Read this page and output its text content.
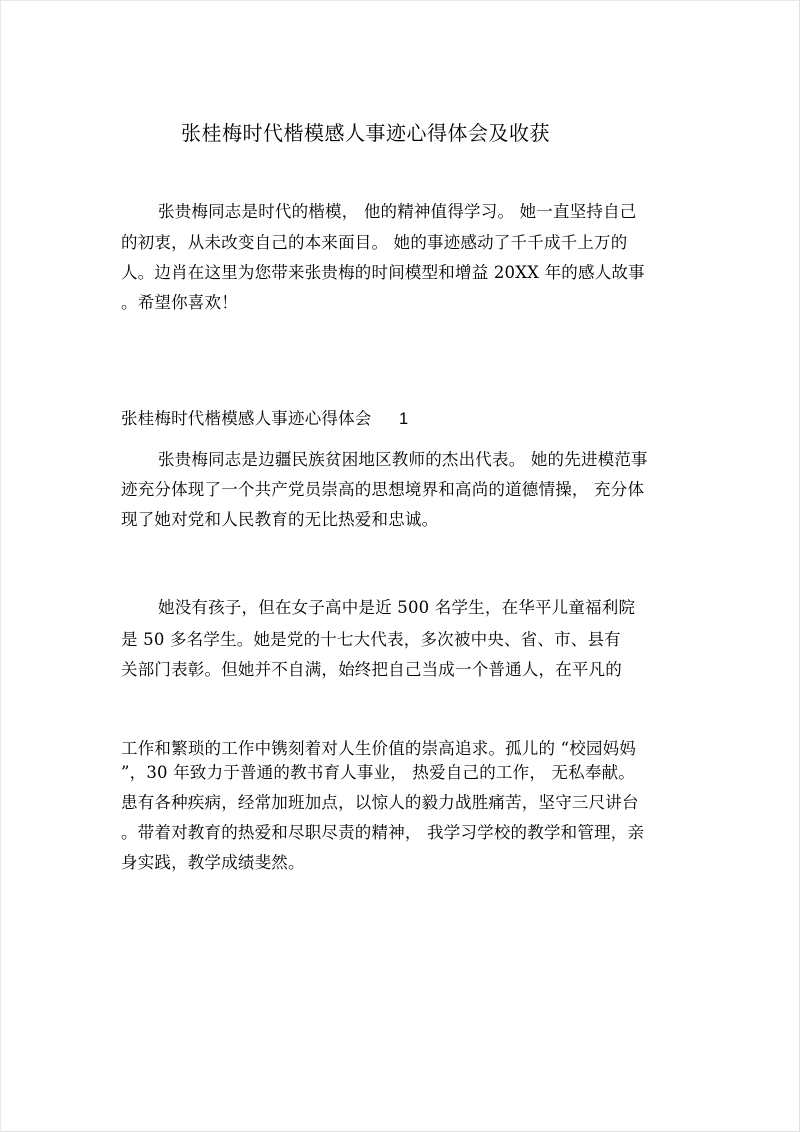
张桂梅时代楷模感人事迹心得体会及收获
张贵梅同志是时代的楷模， 他的精神值得学习。 她一直坚持自己
的初衷，从未改变自己的本来面目。 她的事迹感动了千千成千上万的
人。边肖在这里为您带来张贵梅的时间模型和增益 20XX 年的感人故事
。希望你喜欢！
张桂梅时代楷模感人事迹心得体会 1
张贵梅同志是边疆民族贫困地区教师的杰出代表。 她的先进模范事
迹充分体现了一个共产党员崇高的思想境界和高尚的道德情操， 充分体
现了她对党和人民教育的无比热爱和忠诚。
她没有孩子，但在女子高中是近 500 名学生，在华平儿童福利院
是 50 多名学生。她是党的十七大代表，多次被中央、省、市、县有
关部门表彰。但她并不自满，始终把自己当成一个普通人，在平凡的
工作和繁琐的工作中镌刻着对人生价值的崇高追求。孤儿的 “校园妈妈
”，30 年致力于普通的教书育人事业， 热爱自己的工作， 无私奉献。
患有各种疾病，经常加班加点，以惊人的毅力战胜痛苦，坚守三尺讲台
。带着对教育的热爱和尽职尽责的精神， 我学习学校的教学和管理，亲
身实践，教学成绩斐然。
